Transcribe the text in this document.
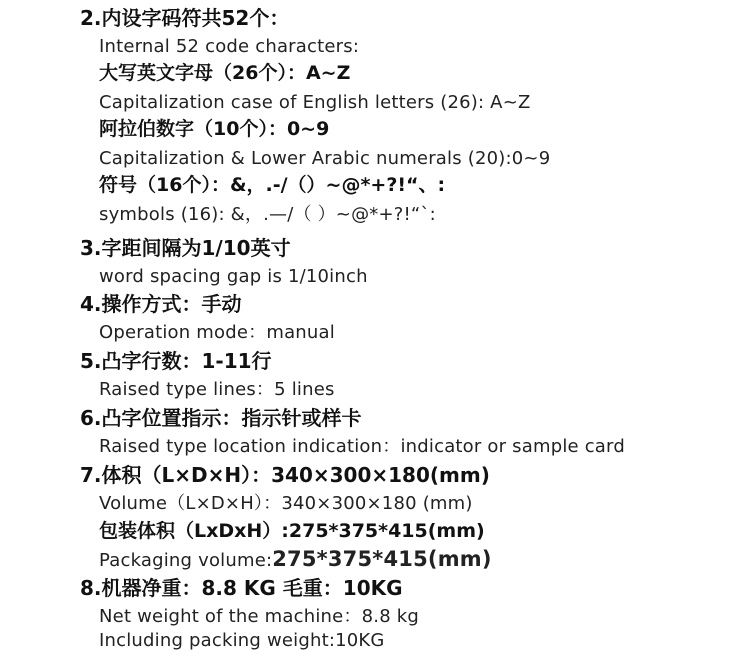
2.内设字码符共52个：
Internal 52 code characters:
大写英文字母（26个）：A~Z
Capitalization case of English letters (26): A~Z
阿拉伯数字（10个）：0~9
Capitalization & Lower Arabic numerals (20):0~9
符号（16个）：&，.-/（）~@*+?!“、:
symbols (16): &，.—/（ ）~@*+?!“`:
3.字距间隔为1/10英寸
word spacing gap is 1/10inch
4.操作方式：手动
Operation mode：manual
5.凸字行数：1-11行
Raised type lines：5 lines
6.凸字位置指示：指示针或样卡
Raised type location indication：indicator or sample card
7.体积（L×D×H）：340×300×180(mm)
Volume（L×D×H）：340×300×180 (mm)
包装体积（LxDxH）:275*375*415(mm)
Packaging volume:275*375*415(mm)
8.机器净重：8.8 KG 毛重：10KG
Net weight of the machine：8.8 kg
Including packing weight:10KG
